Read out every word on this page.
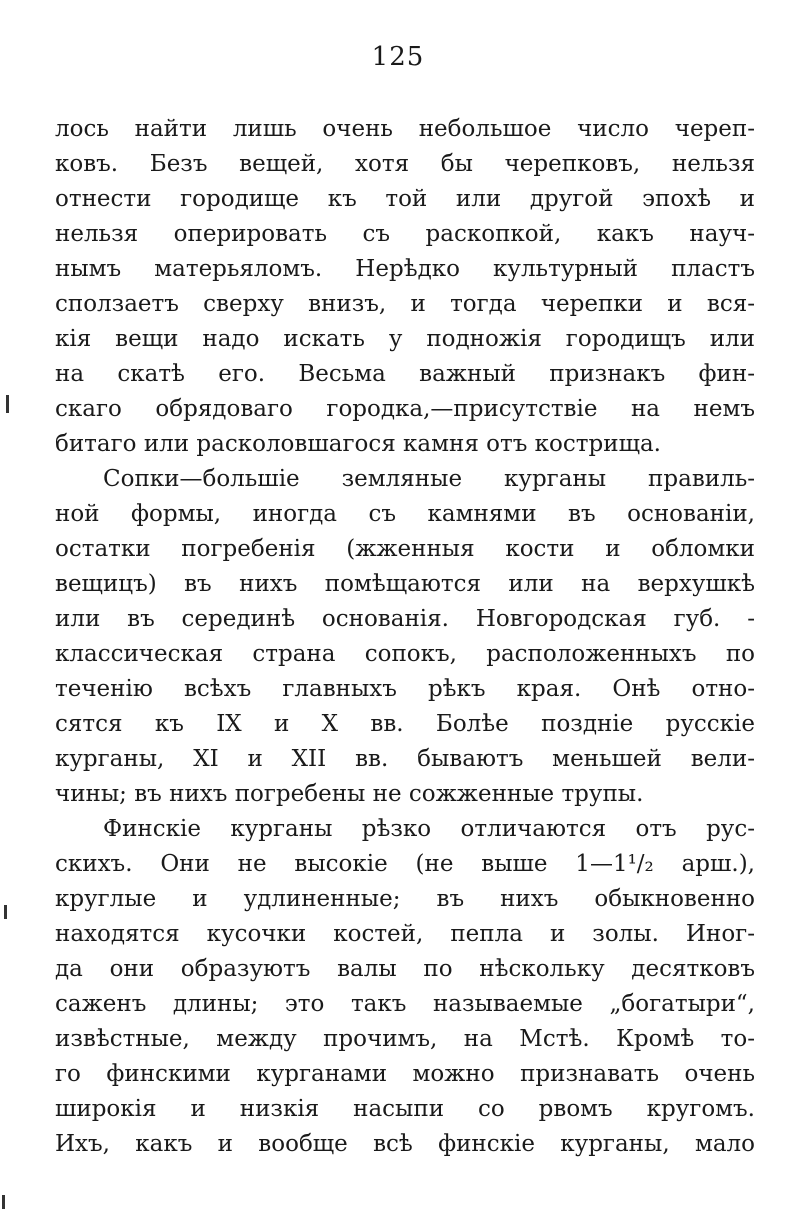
125
лось найти лишь очень небольшое число череп-
ковъ. Безъ вещей, хотя бы черепковъ, нельзя
отнести городище къ той или другой эпохѣ и
нельзя оперировать съ раскопкой, какъ науч-
нымъ матерьяломъ. Нерѣдко культурный пластъ
сползаетъ сверху внизъ, и тогда черепки и вся-
кія вещи надо искать у подножія городищъ или
на скатѣ его. Весьма важный признакъ фин-
скаго обрядоваго городка,—присутствіе на немъ
битаго или расколовшагося камня отъ кострища.
Сопки—большіе земляные курганы правиль-
ной формы, иногда съ камнями въ основаніи,
остатки погребенія (жженныя кости и обломки
вещицъ) въ нихъ помѣщаются или на верхушкѣ
или въ серединѣ основанія. Новгородская губ. -
классическая страна сопокъ, расположенныхъ по
теченію всѣхъ главныхъ рѣкъ края. Онѣ отно-
сятся къ IX и X вв. Болѣе поздніе русскіе
курганы, XI и XII вв. бываютъ меньшей вели-
чины; въ нихъ погребены не сожженные трупы.
Финскіе курганы рѣзко отличаются отъ рус-
скихъ. Они не высокіе (не выше 1—1¹/₂ арш.),
круглые и удлиненные; въ нихъ обыкновенно
находятся кусочки костей, пепла и золы. Иног-
да они образуютъ валы по нѣскольку десятковъ
саженъ длины; это такъ называемые „богатыри“,
извѣстные, между прочимъ, на Мстѣ. Кромѣ то-
го финскими курганами можно признавать очень
широкія и низкія насыпи со рвомъ кругомъ.
Ихъ, какъ и вообще всѣ финскіе курганы, мало
